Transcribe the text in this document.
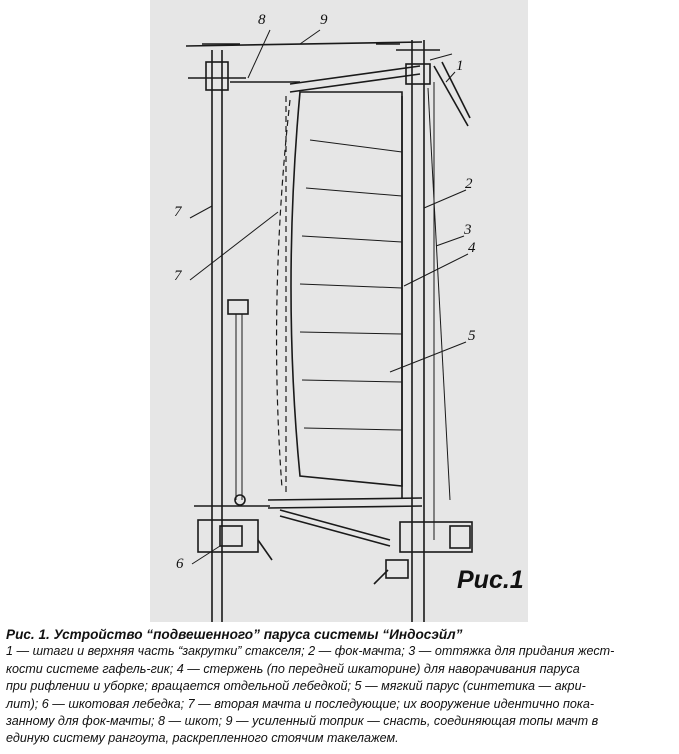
8	9
1
2
3
4
5
7
7
6
Рис.1
Рис. 1. Устройство “подвешенного” паруса системы “Индосэйл”
1 — штаги и верхняя часть “закрутки” стакселя; 2 — фок-мачта; 3 — оттяжка для придания жест-
кости системе гафель-гик; 4 — стержень (по передней шкаторине) для наворачивания паруса
при рифлении и уборке; вращается отдельной лебедкой; 5 — мягкий парус (синтетика — акри-
лит); 6 — шкотовая лебедка; 7 — вторая мачта и последующие; их вооружение идентично пока-
занному для фок-мачты; 8 — шкот; 9 — усиленный топрик — снасть, соединяющая топы мачт в
единую систему рангоута, раскрепленного стоячим такелажем.
